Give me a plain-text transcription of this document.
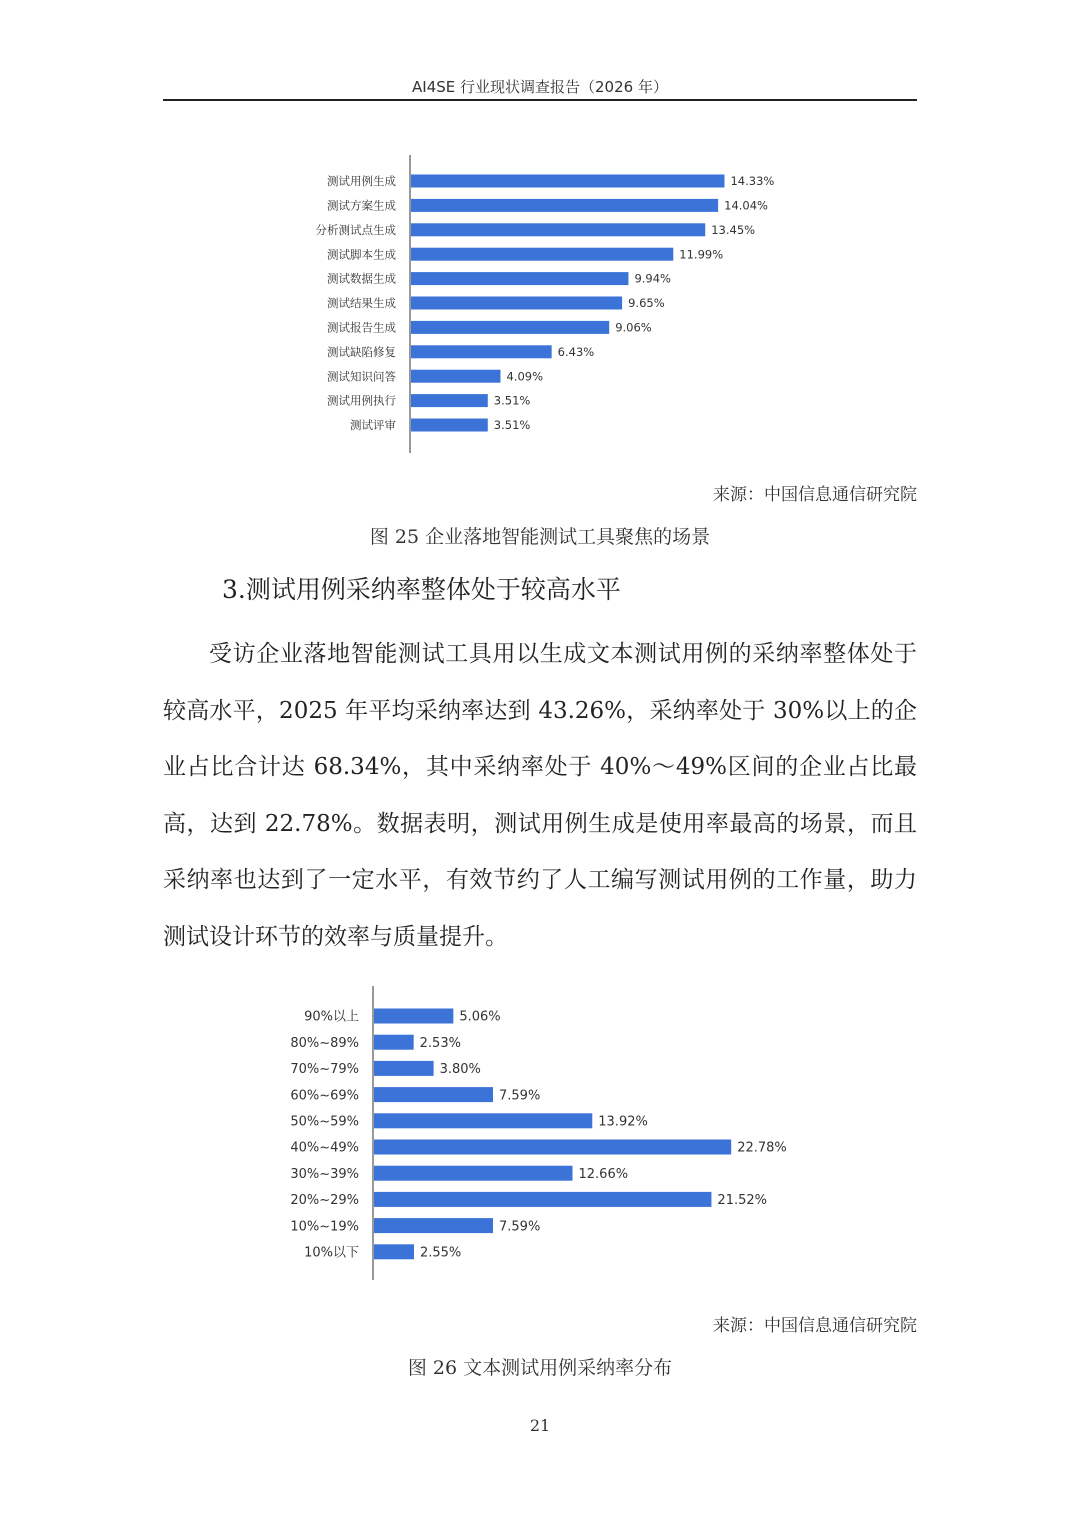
AI4SE 行业现状调查报告（2026 年）
测试用例生成	14.33%
测试方案生成	14.04%
分析测试点生成	13.45%
测试脚本生成	11.99%
测试数据生成	9.94%
测试结果生成	9.65%
测试报告生成	9.06%
测试缺陷修复	6.43%
测试知识问答	4.09%
测试用例执行	3.51%
测试评审	3.51%
来源：中国信息通信研究院
图 25 企业落地智能测试工具聚焦的场景
3.测试用例采纳率整体处于较高水平

受访企业落地智能测试工具用以生成文本测试用例的采纳率整体处于较高水平，2025 年平均采纳率达到 43.26%，采纳率处于 30%以上的企业占比合计达 68.34%，其中采纳率处于 40%～49%区间的企业占比最高，达到 22.78%。数据表明，测试用例生成是使用率最高的场景，而且采纳率也达到了一定水平，有效节约了人工编写测试用例的工作量，助力测试设计环节的效率与质量提升。

90%以上	5.06%
80%~89%	2.53%
70%~79%	3.80%
60%~69%	7.59%
50%~59%	13.92%
40%~49%	22.78%
30%~39%	12.66%
20%~29%	21.52%
10%~19%	7.59%
10%以下	2.55%
来源：中国信息通信研究院
图 26 文本测试用例采纳率分布
21
